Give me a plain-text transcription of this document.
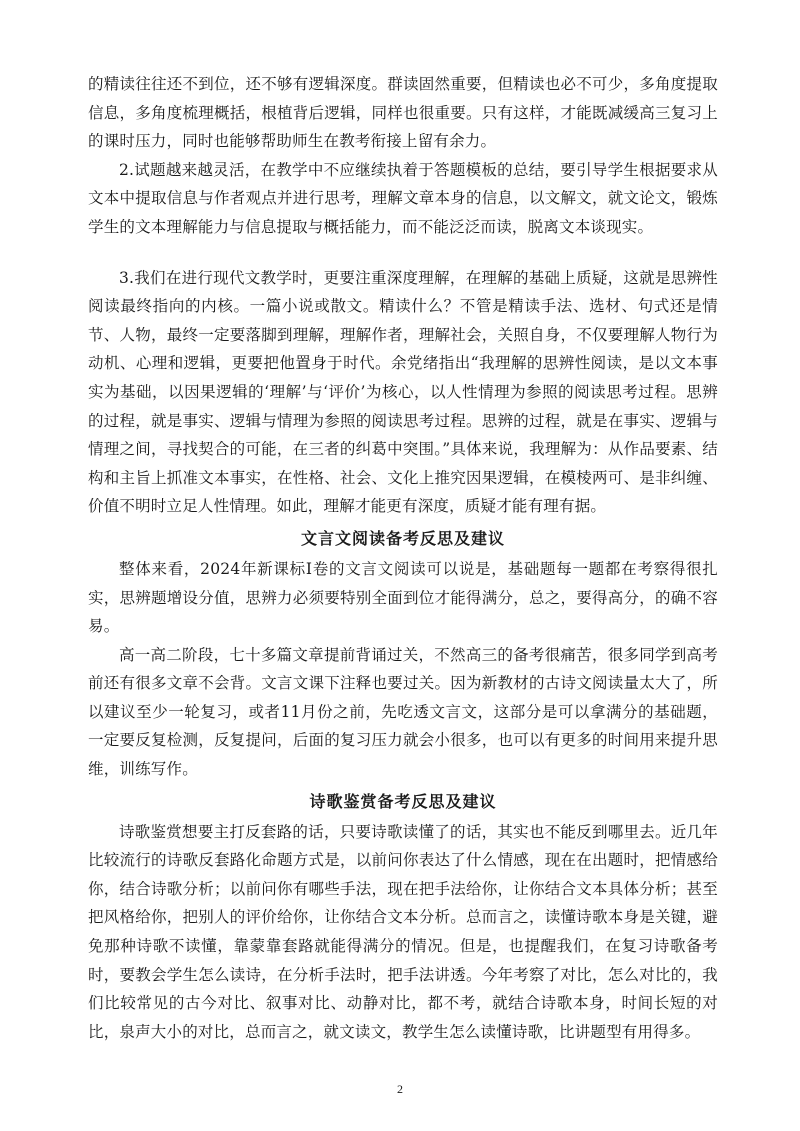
的精读往往还不到位，还不够有逻辑深度。群读固然重要，但精读也必不可少，多角度提取信息，多角度梳理概括，根植背后逻辑，同样也很重要。只有这样，才能既减缓高三复习上的课时压力，同时也能够帮助师生在教考衔接上留有余力。

2.试题越来越灵活，在教学中不应继续执着于答题模板的总结，要引导学生根据要求从文本中提取信息与作者观点并进行思考，理解文章本身的信息，以文解文，就文论文，锻炼学生的文本理解能力与信息提取与概括能力，而不能泛泛而读，脱离文本谈现实。

3.我们在进行现代文教学时，更要注重深度理解，在理解的基础上质疑，这就是思辨性阅读最终指向的内核。一篇小说或散文。精读什么？不管是精读手法、选材、句式还是情节、人物，最终一定要落脚到理解，理解作者，理解社会，关照自身，不仅要理解人物行为动机、心理和逻辑，更要把他置身于时代。余党绪指出“我理解的思辨性阅读，是以文本事实为基础，以因果逻辑的‘理解’与‘评价’为核心，以人性情理为参照的阅读思考过程。思辨的过程，就是事实、逻辑与情理为参照的阅读思考过程。思辨的过程，就是在事实、逻辑与情理之间，寻找契合的可能，在三者的纠葛中突围。”具体来说，我理解为：从作品要素、结构和主旨上抓准文本事实，在性格、社会、文化上推究因果逻辑，在模棱两可、是非纠缠、价值不明时立足人性情理。如此，理解才能更有深度，质疑才能有理有据。

文言文阅读备考反思及建议

整体来看，2024年新课标Ⅰ卷的文言文阅读可以说是，基础题每一题都在考察得很扎实，思辨题增设分值，思辨力必须要特别全面到位才能得满分，总之，要得高分，的确不容易。

高一高二阶段，七十多篇文章提前背诵过关，不然高三的备考很痛苦，很多同学到高考前还有很多文章不会背。文言文课下注释也要过关。因为新教材的古诗文阅读量太大了，所以建议至少一轮复习，或者11月份之前，先吃透文言文，这部分是可以拿满分的基础题，一定要反复检测，反复提问，后面的复习压力就会小很多，也可以有更多的时间用来提升思维，训练写作。

诗歌鉴赏备考反思及建议

诗歌鉴赏想要主打反套路的话，只要诗歌读懂了的话，其实也不能反到哪里去。近几年比较流行的诗歌反套路化命题方式是，以前问你表达了什么情感，现在在出题时，把情感给你，结合诗歌分析；以前问你有哪些手法，现在把手法给你，让你结合文本具体分析；甚至把风格给你，把别人的评价给你，让你结合文本分析。总而言之，读懂诗歌本身是关键，避免那种诗歌不读懂，靠蒙靠套路就能得满分的情况。但是，也提醒我们，在复习诗歌备考时，要教会学生怎么读诗，在分析手法时，把手法讲透。今年考察了对比，怎么对比的，我们比较常见的古今对比、叙事对比、动静对比，都不考，就结合诗歌本身，时间长短的对比，泉声大小的对比，总而言之，就文读文，教学生怎么读懂诗歌，比讲题型有用得多。

2
